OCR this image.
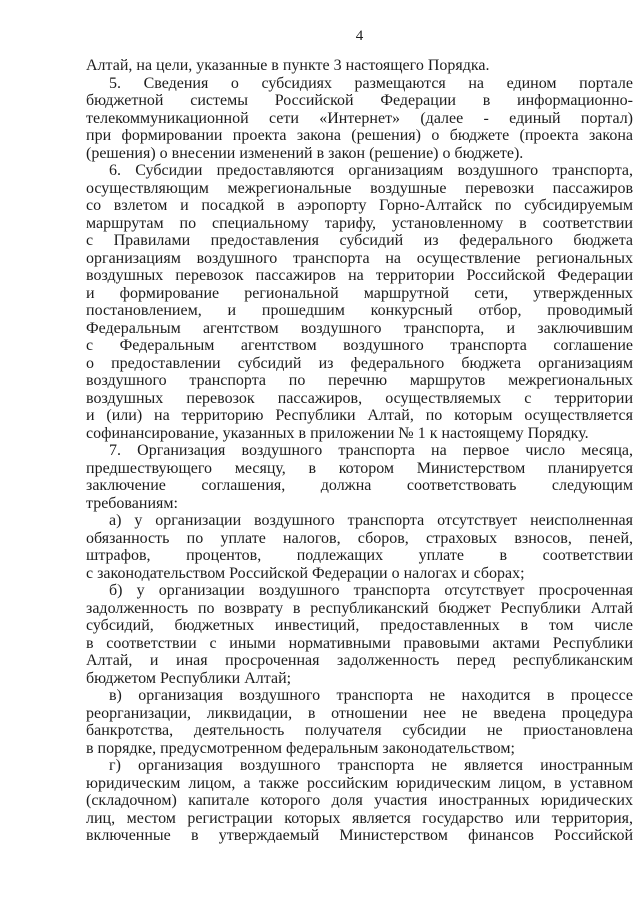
4
Алтай, на цели, указанные в пункте 3 настоящего Порядка.
5. Сведения о субсидиях размещаются на едином портале
бюджетной системы Российской Федерации в информационно-
телекоммуникационной сети «Интернет» (далее - единый портал)
при формировании проекта закона (решения) о бюджете (проекта закона
(решения) о внесении изменений в закон (решение) о бюджете).
6. Субсидии предоставляются организациям воздушного транспорта,
осуществляющим межрегиональные воздушные перевозки пассажиров
со взлетом и посадкой в аэропорту Горно-Алтайск по субсидируемым
маршрутам по специальному тарифу, установленному в соответствии
с Правилами предоставления субсидий из федерального бюджета
организациям воздушного транспорта на осуществление региональных
воздушных перевозок пассажиров на территории Российской Федерации
и формирование региональной маршрутной сети, утвержденных
постановлением, и прошедшим конкурсный отбор, проводимый
Федеральным агентством воздушного транспорта, и заключившим
с Федеральным агентством воздушного транспорта соглашение
о предоставлении субсидий из федерального бюджета организациям
воздушного транспорта по перечню маршрутов межрегиональных
воздушных перевозок пассажиров, осуществляемых с территории
и (или) на территорию Республики Алтай, по которым осуществляется
софинансирование, указанных в приложении № 1 к настоящему Порядку.
7. Организация воздушного транспорта на первое число месяца,
предшествующего месяцу, в котором Министерством планируется
заключение соглашения, должна соответствовать следующим
требованиям:
а) у организации воздушного транспорта отсутствует неисполненная
обязанность по уплате налогов, сборов, страховых взносов, пеней,
штрафов, процентов, подлежащих уплате в соответствии
с законодательством Российской Федерации о налогах и сборах;
б) у организации воздушного транспорта отсутствует просроченная
задолженность по возврату в республиканский бюджет Республики Алтай
субсидий, бюджетных инвестиций, предоставленных в том числе
в соответствии с иными нормативными правовыми актами Республики
Алтай, и иная просроченная задолженность перед республиканским
бюджетом Республики Алтай;
в) организация воздушного транспорта не находится в процессе
реорганизации, ликвидации, в отношении нее не введена процедура
банкротства, деятельность получателя субсидии не приостановлена
в порядке, предусмотренном федеральным законодательством;
г) организация воздушного транспорта не является иностранным
юридическим лицом, а также российским юридическим лицом, в уставном
(складочном) капитале которого доля участия иностранных юридических
лиц, местом регистрации которых является государство или территория,
включенные в утверждаемый Министерством финансов Российской
